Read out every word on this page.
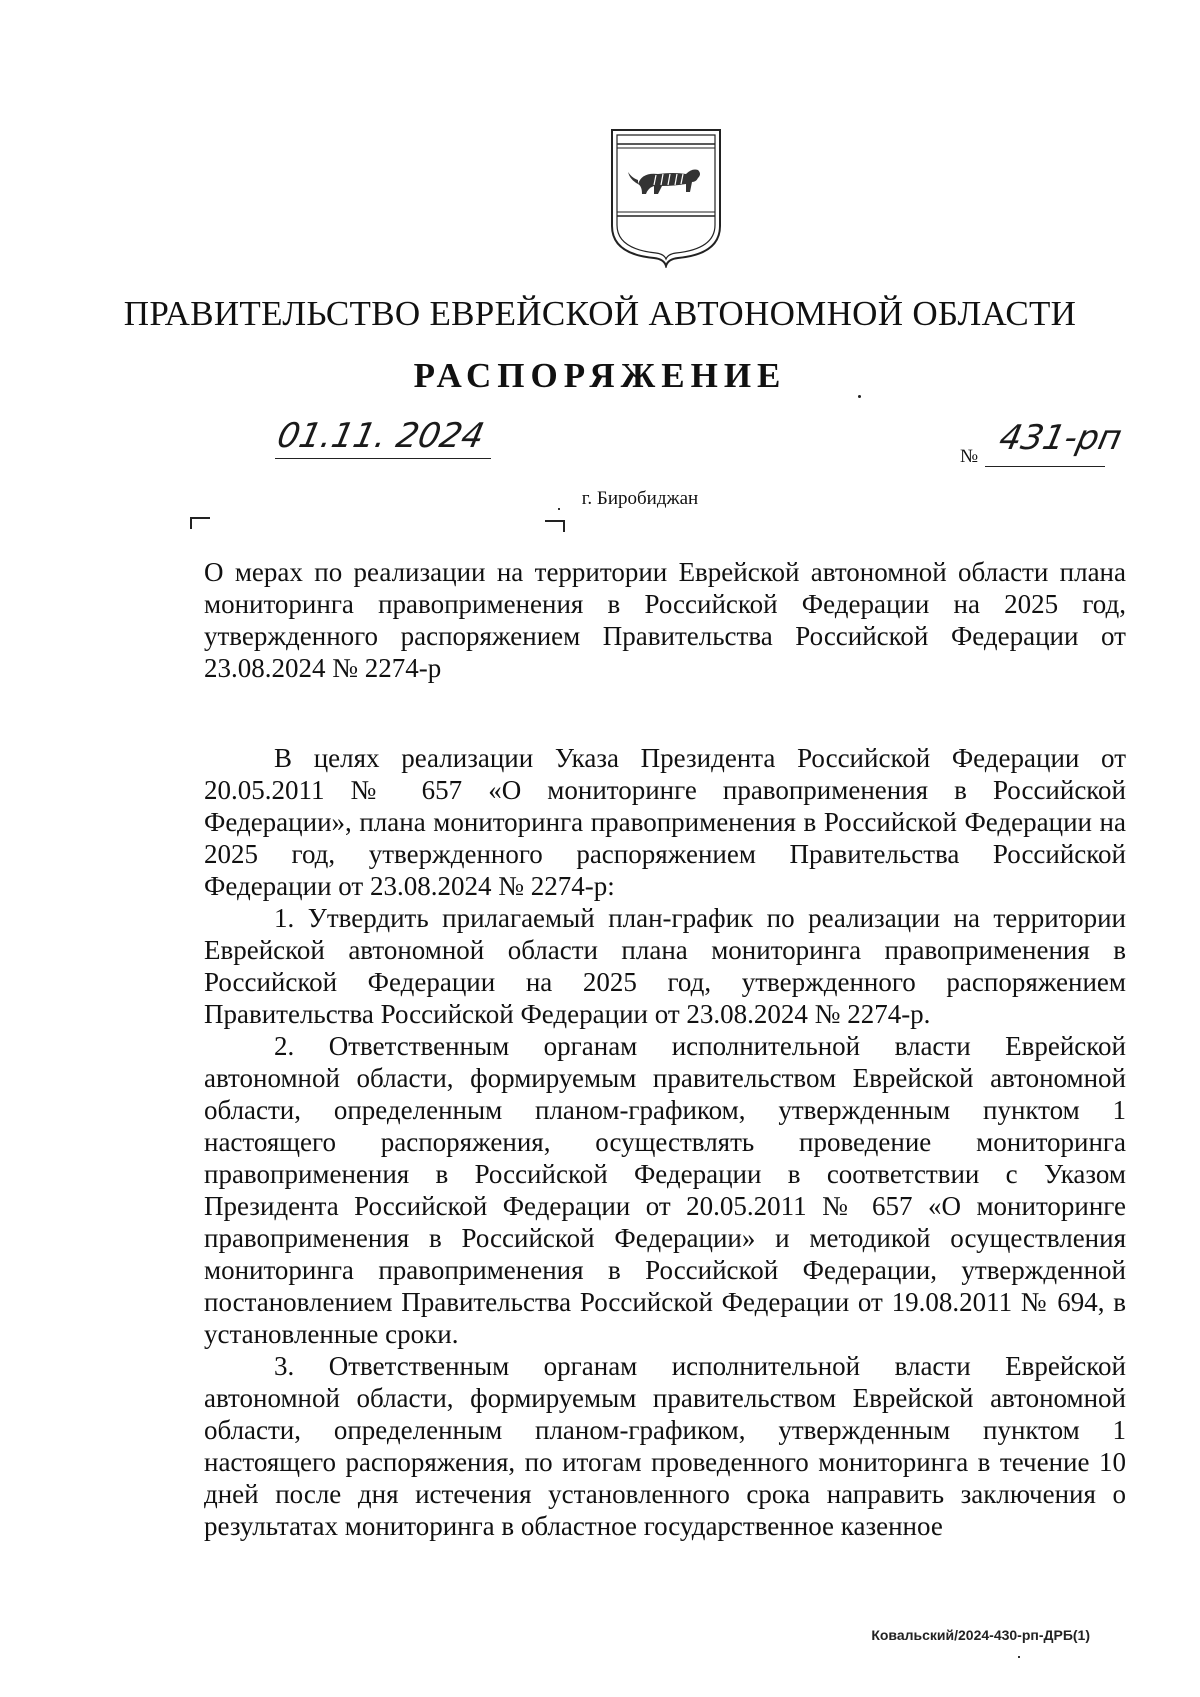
ПРАВИТЕЛЬСТВО ЕВРЕЙСКОЙ АВТОНОМНОЙ ОБЛАСТИ
РАСПОРЯЖЕНИЕ
01.11. 2024
№ 431-рп
г. Биробиджан

О мерах по реализации на территории Еврейской автономной области плана мониторинга правоприменения в Российской Федерации на 2025 год, утвержденного распоряжением Правительства Российской Федерации от 23.08.2024 № 2274-р

В целях реализации Указа Президента Российской Федерации от 20.05.2011 № 657 «О мониторинге правоприменения в Российской Федерации», плана мониторинга правоприменения в Российской Федерации на 2025 год, утвержденного распоряжением Правительства Российской Федерации от 23.08.2024 № 2274-р:

1. Утвердить прилагаемый план-график по реализации на территории Еврейской автономной области плана мониторинга правоприменения в Российской Федерации на 2025 год, утвержденного распоряжением Правительства Российской Федерации от 23.08.2024 № 2274-р.

2. Ответственным органам исполнительной власти Еврейской автономной области, формируемым правительством Еврейской автономной области, определенным планом-графиком, утвержденным пунктом 1 настоящего распоряжения, осуществлять проведение мониторинга правоприменения в Российской Федерации в соответствии с Указом Президента Российской Федерации от 20.05.2011 № 657 «О мониторинге правоприменения в Российской Федерации» и методикой осуществления мониторинга правоприменения в Российской Федерации, утвержденной постановлением Правительства Российской Федерации от 19.08.2011 № 694, в установленные сроки.

3. Ответственным органам исполнительной власти Еврейской автономной области, формируемым правительством Еврейской автономной области, определенным планом-графиком, утвержденным пунктом 1 настоящего распоряжения, по итогам проведенного мониторинга в течение 10 дней после дня истечения установленного срока направить заключения о результатах мониторинга в областное государственное казенное

Ковальский/2024-430-рп-ДРБ(1)
